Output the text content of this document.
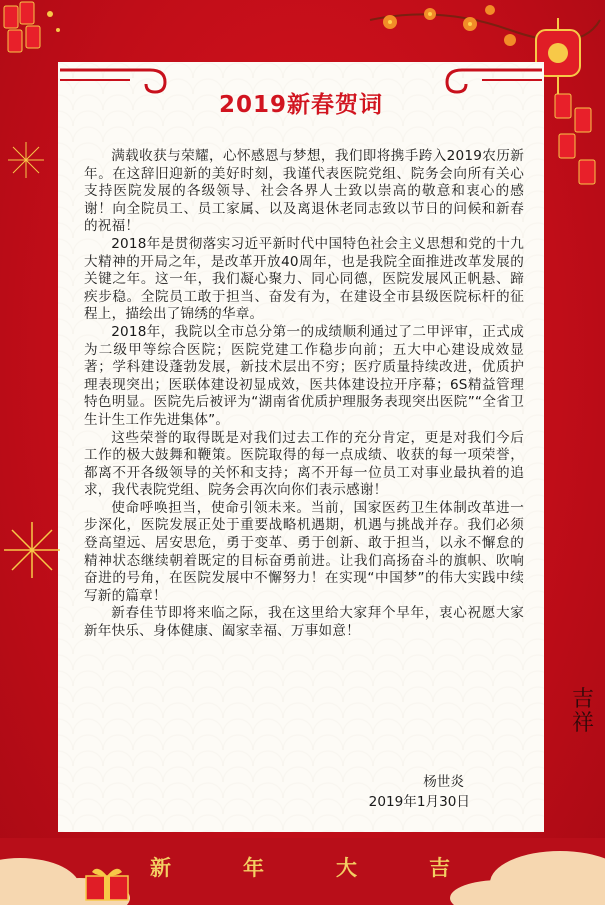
2019新春贺词

满载收获与荣耀，心怀感恩与梦想，我们即将携手跨入2019农历新年。在这辞旧迎新的美好时刻，我谨代表医院党组、院务会向所有关心支持医院发展的各级领导、社会各界人士致以崇高的敬意和衷心的感谢！向全院员工、员工家属、以及离退休老同志致以节日的问候和新春的祝福！

2018年是贯彻落实习近平新时代中国特色社会主义思想和党的十九大精神的开局之年，是改革开放40周年，也是我院全面推进改革发展的关键之年。这一年，我们凝心聚力、同心同德，医院发展风正帆悬、蹄疾步稳。全院员工敢于担当、奋发有为，在建设全市县级医院标杆的征程上，描绘出了锦绣的华章。

2018年，我院以全市总分第一的成绩顺利通过了二甲评审，正式成为二级甲等综合医院；医院党建工作稳步向前；五大中心建设成效显著；学科建设蓬勃发展，新技术层出不穷；医疗质量持续改进，优质护理表现突出；医联体建设初显成效，医共体建设拉开序幕；6S精益管理特色明显。医院先后被评为“湖南省优质护理服务表现突出医院”“全省卫生计生工作先进集体”。

这些荣誉的取得既是对我们过去工作的充分肯定，更是对我们今后工作的极大鼓舞和鞭策。医院取得的每一点成绩、收获的每一项荣誉，都离不开各级领导的关怀和支持；离不开每一位员工对事业最执着的追求，我代表院党组、院务会再次向你们表示感谢！

使命呼唤担当，使命引领未来。当前，国家医药卫生体制改革进一步深化，医院发展正处于重要战略机遇期，机遇与挑战并存。我们必须登高望远、居安思危，勇于变革、勇于创新、敢于担当，以永不懈怠的精神状态继续朝着既定的目标奋勇前进。让我们高扬奋斗的旗帜、吹响奋进的号角，在医院发展中不懈努力！在实现“中国梦”的伟大实践中续写新的篇章！

新春佳节即将来临之际，我在这里给大家拜个早年，衷心祝愿大家新年快乐、身体健康、阖家幸福、万事如意！

杨世炎
2019年1月30日
吉
祥
新	年	大	吉
